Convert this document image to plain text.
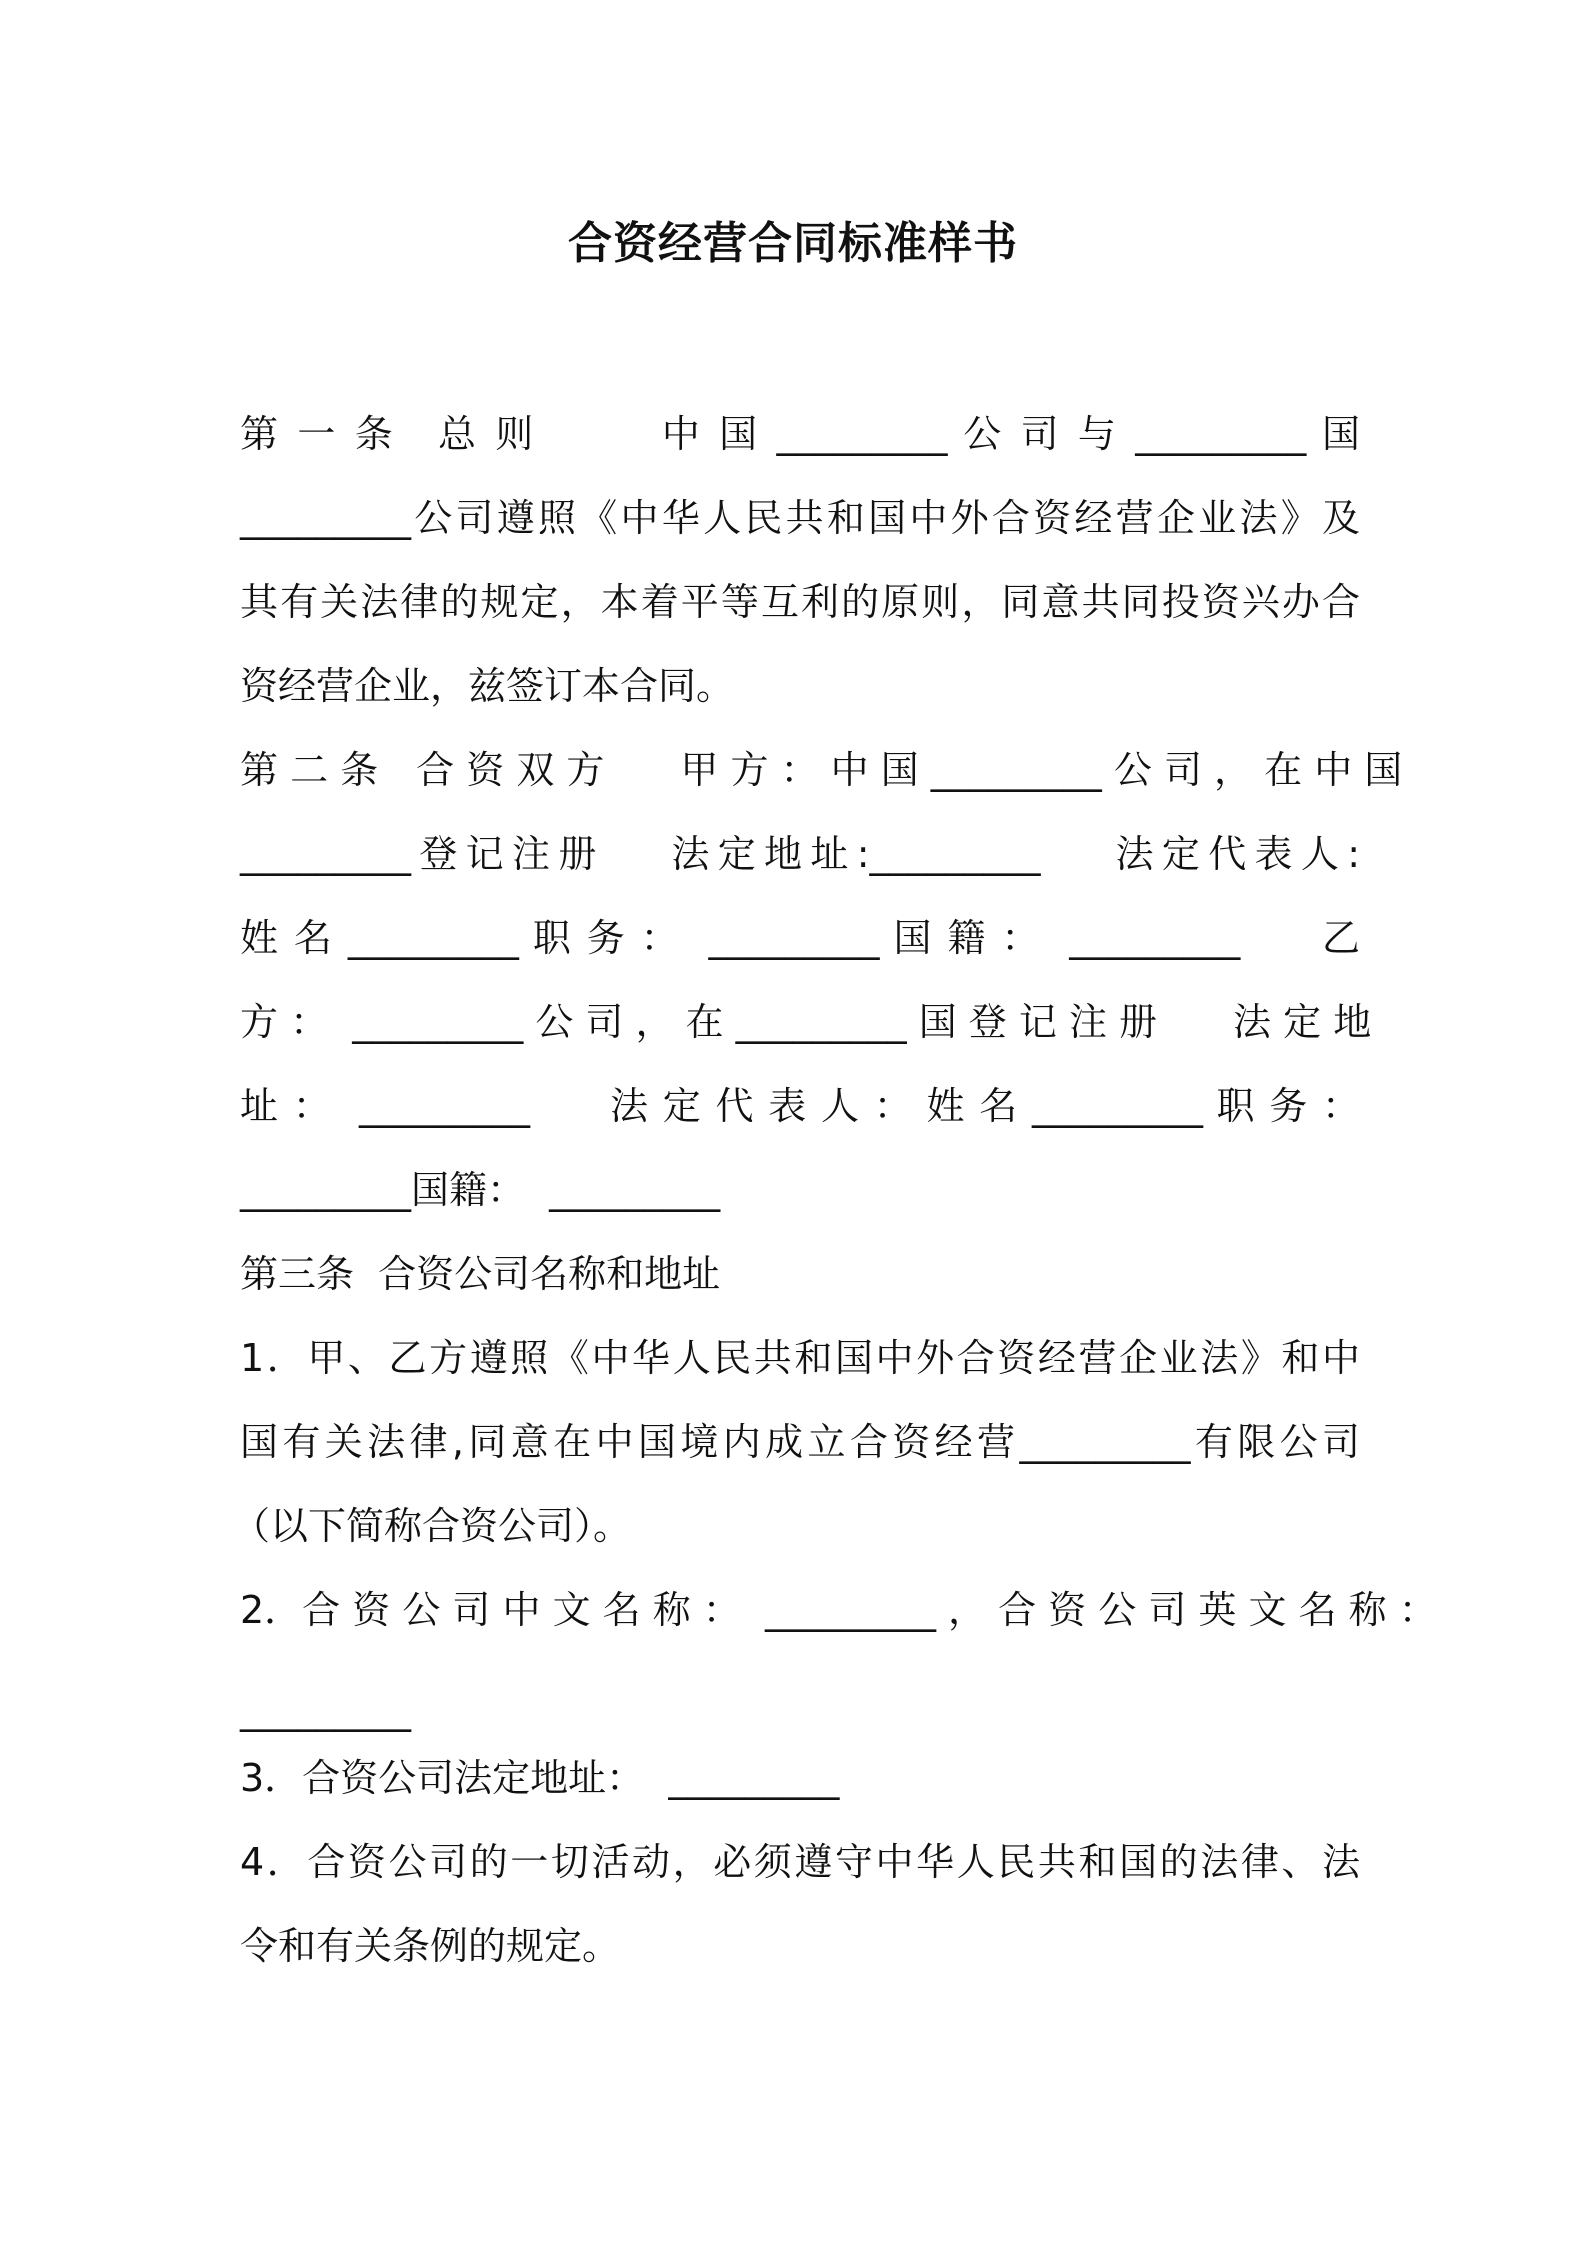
合资经营合同标准样书
第 一 条　总 则　　　中 国 _________ 公 司 与 _________ 国
_________公司遵照《中华人民共和国中外合资经营企业法》及
其有关法律的规定，本着平等互利的原则，同意共同投资兴办合
资经营企业，兹签订本合同。
第 二 条　合 资 双 方　　甲 方 ： 中 国 _________ 公 司 ， 在 中 国
_________登记注册　 法定地址:_________　 法定代表人:
姓 名 _________ 职 务 ：  _________ 国 籍 ：  _________　　乙
方 ：  _________ 公 司 ， 在 _________ 国 登 记 注 册　　法 定 地
址 ：  _________　　法 定 代 表 人 ： 姓 名 _________ 职 务 ：
_________国籍：  _________
第三条  合资公司名称和地址
1．甲、乙方遵照《中华人民共和国中外合资经营企业法》和中
国有关法律,同意在中国境内成立合资经营_________有限公司
（以下简称合资公司）。
2．合 资 公 司 中 文 名 称 ：  _________ ， 合 资 公 司 英 文 名 称 ：
_________
3．合资公司法定地址：  _________
4．合资公司的一切活动，必须遵守中华人民共和国的法律、法
令和有关条例的规定。
